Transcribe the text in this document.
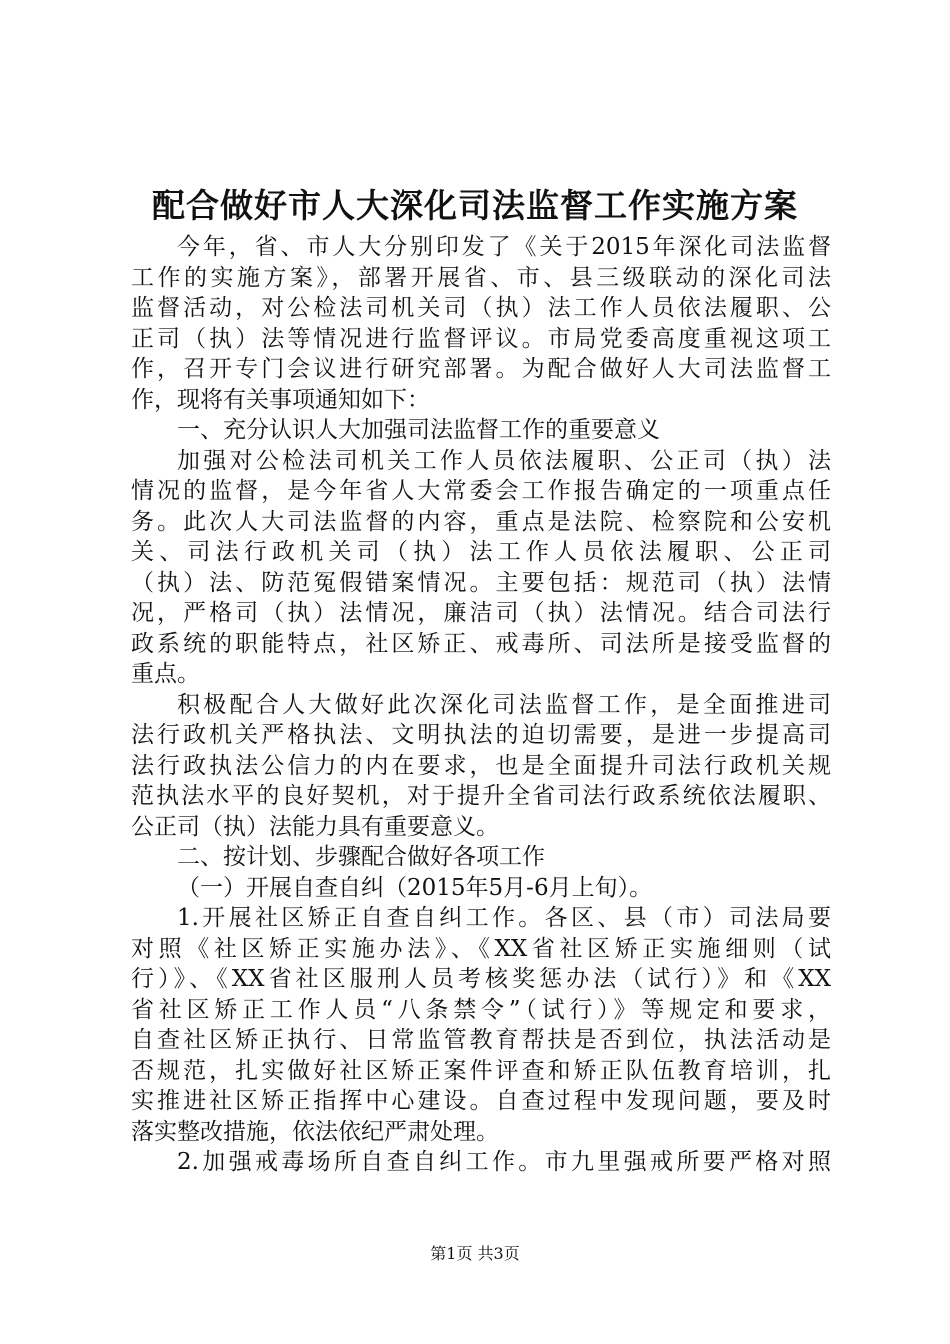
配合做好市人大深化司法监督工作实施方案
今年，省、市人大分别印发了《关于2015年深化司法监督
工作的实施方案》，部署开展省、市、县三级联动的深化司法
监督活动，对公检法司机关司（执）法工作人员依法履职、公
正司（执）法等情况进行监督评议。市局党委高度重视这项工
作，召开专门会议进行研究部署。为配合做好人大司法监督工
作，现将有关事项通知如下：
一、充分认识人大加强司法监督工作的重要意义
加强对公检法司机关工作人员依法履职、公正司（执）法
情况的监督，是今年省人大常委会工作报告确定的一项重点任
务。此次人大司法监督的内容，重点是法院、检察院和公安机
关、司法行政机关司（执）法工作人员依法履职、公正司
（执）法、防范冤假错案情况。主要包括：规范司（执）法情
况，严格司（执）法情况，廉洁司（执）法情况。结合司法行
政系统的职能特点，社区矫正、戒毒所、司法所是接受监督的
重点。
积极配合人大做好此次深化司法监督工作，是全面推进司
法行政机关严格执法、文明执法的迫切需要，是进一步提高司
法行政执法公信力的内在要求，也是全面提升司法行政机关规
范执法水平的良好契机，对于提升全省司法行政系统依法履职、
公正司（执）法能力具有重要意义。
二、按计划、步骤配合做好各项工作
（一）开展自查自纠（2015年5月-6月上旬）。
1.开展社区矫正自查自纠工作。各区、县（市）司法局要
对照《社区矫正实施办法》、《XX省社区矫正实施细则（试
行）》、《XX省社区服刑人员考核奖惩办法（试行）》和《XX
省社区矫正工作人员“八条禁令”（试行）》等规定和要求，
自查社区矫正执行、日常监管教育帮扶是否到位，执法活动是
否规范，扎实做好社区矫正案件评查和矫正队伍教育培训，扎
实推进社区矫正指挥中心建设。自查过程中发现问题，要及时
落实整改措施，依法依纪严肃处理。
2.加强戒毒场所自查自纠工作。市九里强戒所要严格对照
第1页 共3页
